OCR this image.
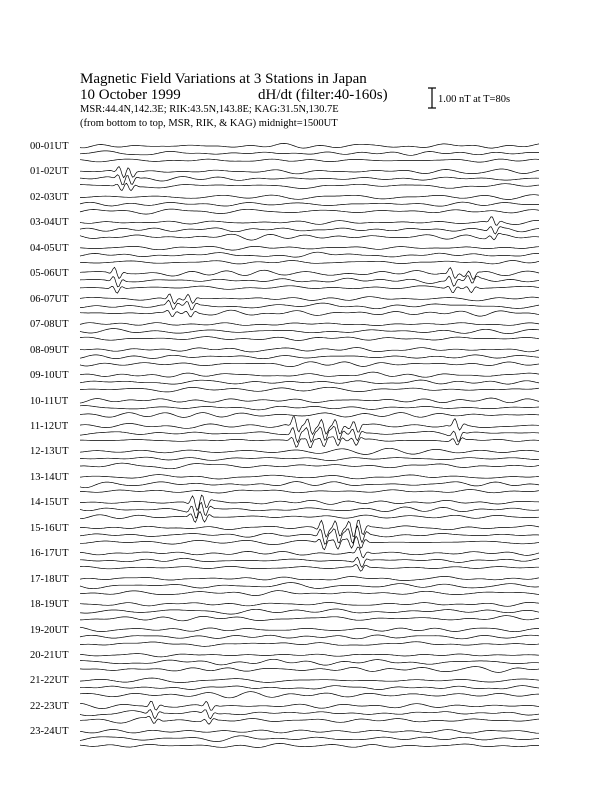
Magnetic Field Variations at 3 Stations in Japan
10 October 1999	dH/dt (filter:40-160s)
MSR:44.4N,142.3E; RIK:43.5N,143.8E; KAG:31.5N,130.7E
(from bottom to top, MSR, RIK, & KAG) midnight=1500UT
1.00 nT at T=80s
00-01UT
01-02UT
02-03UT
03-04UT
04-05UT
05-06UT
06-07UT
07-08UT
08-09UT
09-10UT
10-11UT
11-12UT
12-13UT
13-14UT
14-15UT
15-16UT
16-17UT
17-18UT
18-19UT
19-20UT
20-21UT
21-22UT
22-23UT
23-24UT
